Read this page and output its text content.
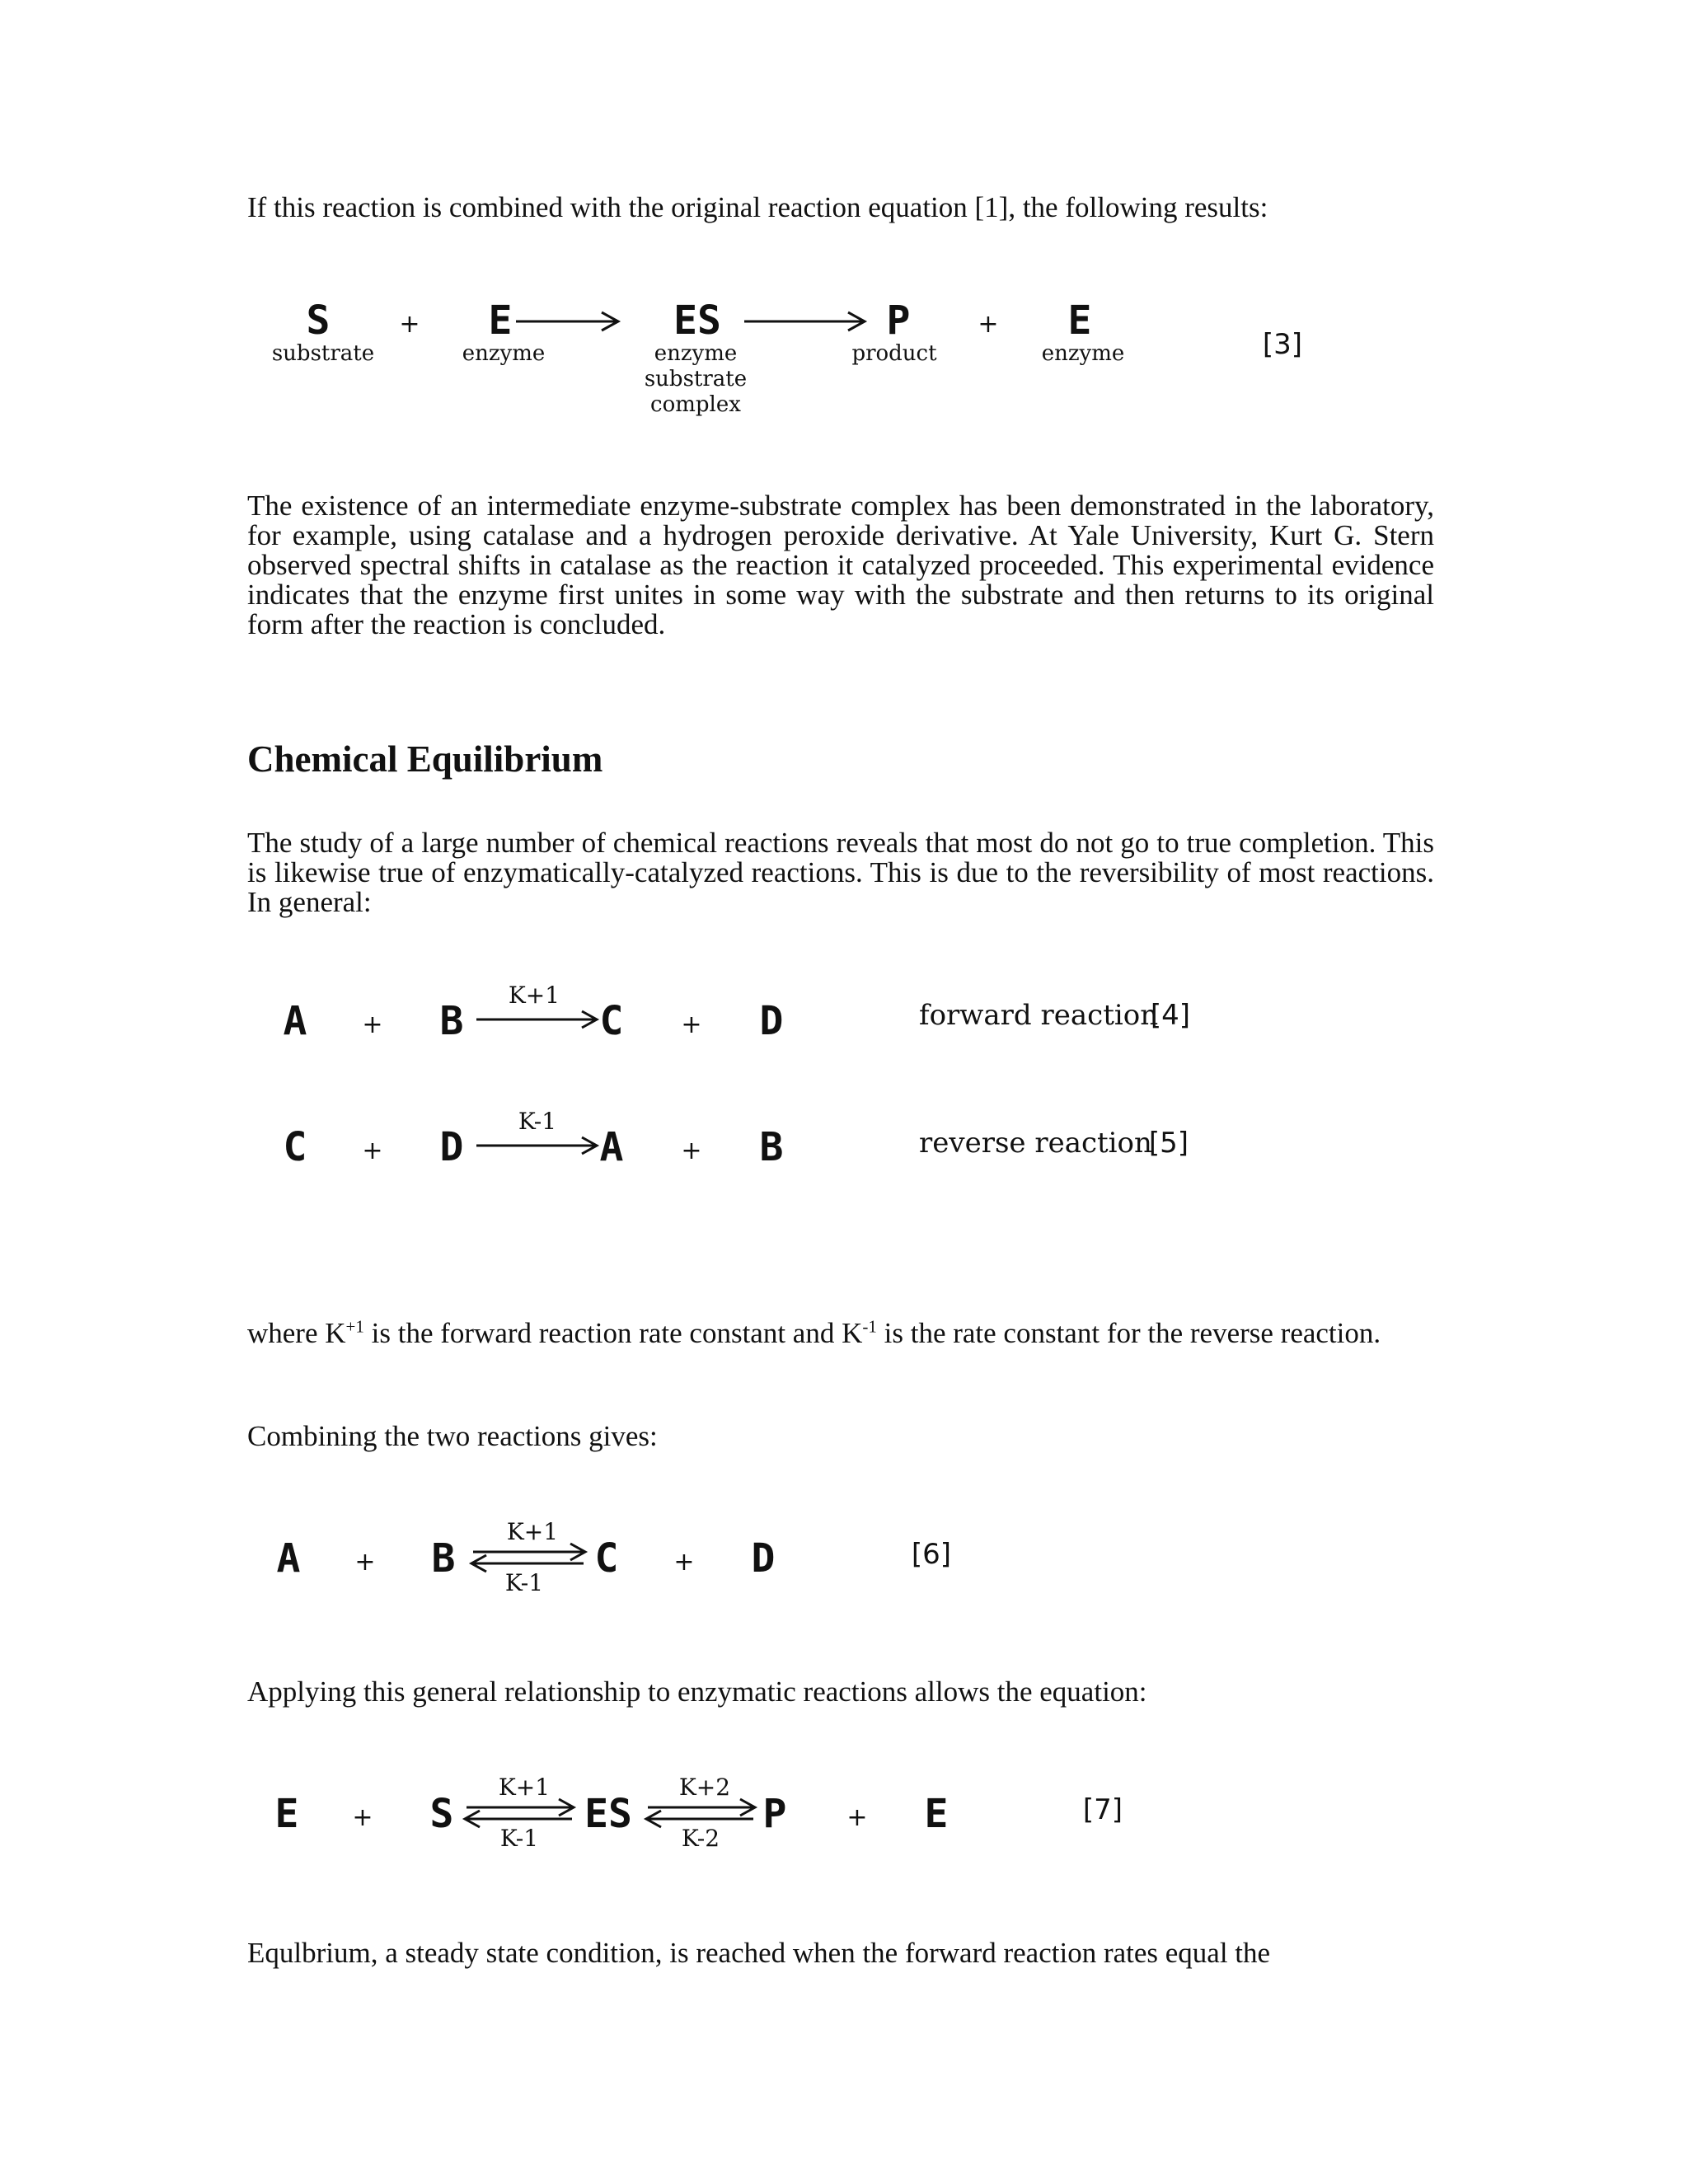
If this reaction is combined with the original reaction equation [1], the following results:

S
substrate
+ E
enzyme
ES
enzyme
substrate
complex
P
product
+ E
enzyme	[3]

The existence of an intermediate enzyme-substrate complex has been demonstrated in the laboratory, for example, using catalase and a hydrogen peroxide derivative. At Yale University, Kurt G. Stern observed spectral shifts in catalase as the reaction it catalyzed proceeded. This experimental evidence indicates that the enzyme first unites in some way with the substrate and then returns to its original form after the reaction is concluded.

Chemical Equilibrium

The study of a large number of chemical reactions reveals that most do not go to true completion. This is likewise true of enzymatically-catalyzed reactions. This is due to the reversibility of most reactions. In general:

A + B
K+1
C + D	forward reaction
[4]
C + D
K-1
A + B	reverse reaction
[5]

where $K^{+1}$ is the forward reaction rate constant and $K^{-1}$ is the rate constant for the reverse reaction.

Combining the two reactions gives:

A + B
K+1
K-1
C + D	[6]

Applying this general relationship to enzymatic reactions allows the equation:

E + S
K+1
K-1
ES
K+2
K-2
P + E	[7]

Equlbrium, a steady state condition, is reached when the forward reaction rates equal the
